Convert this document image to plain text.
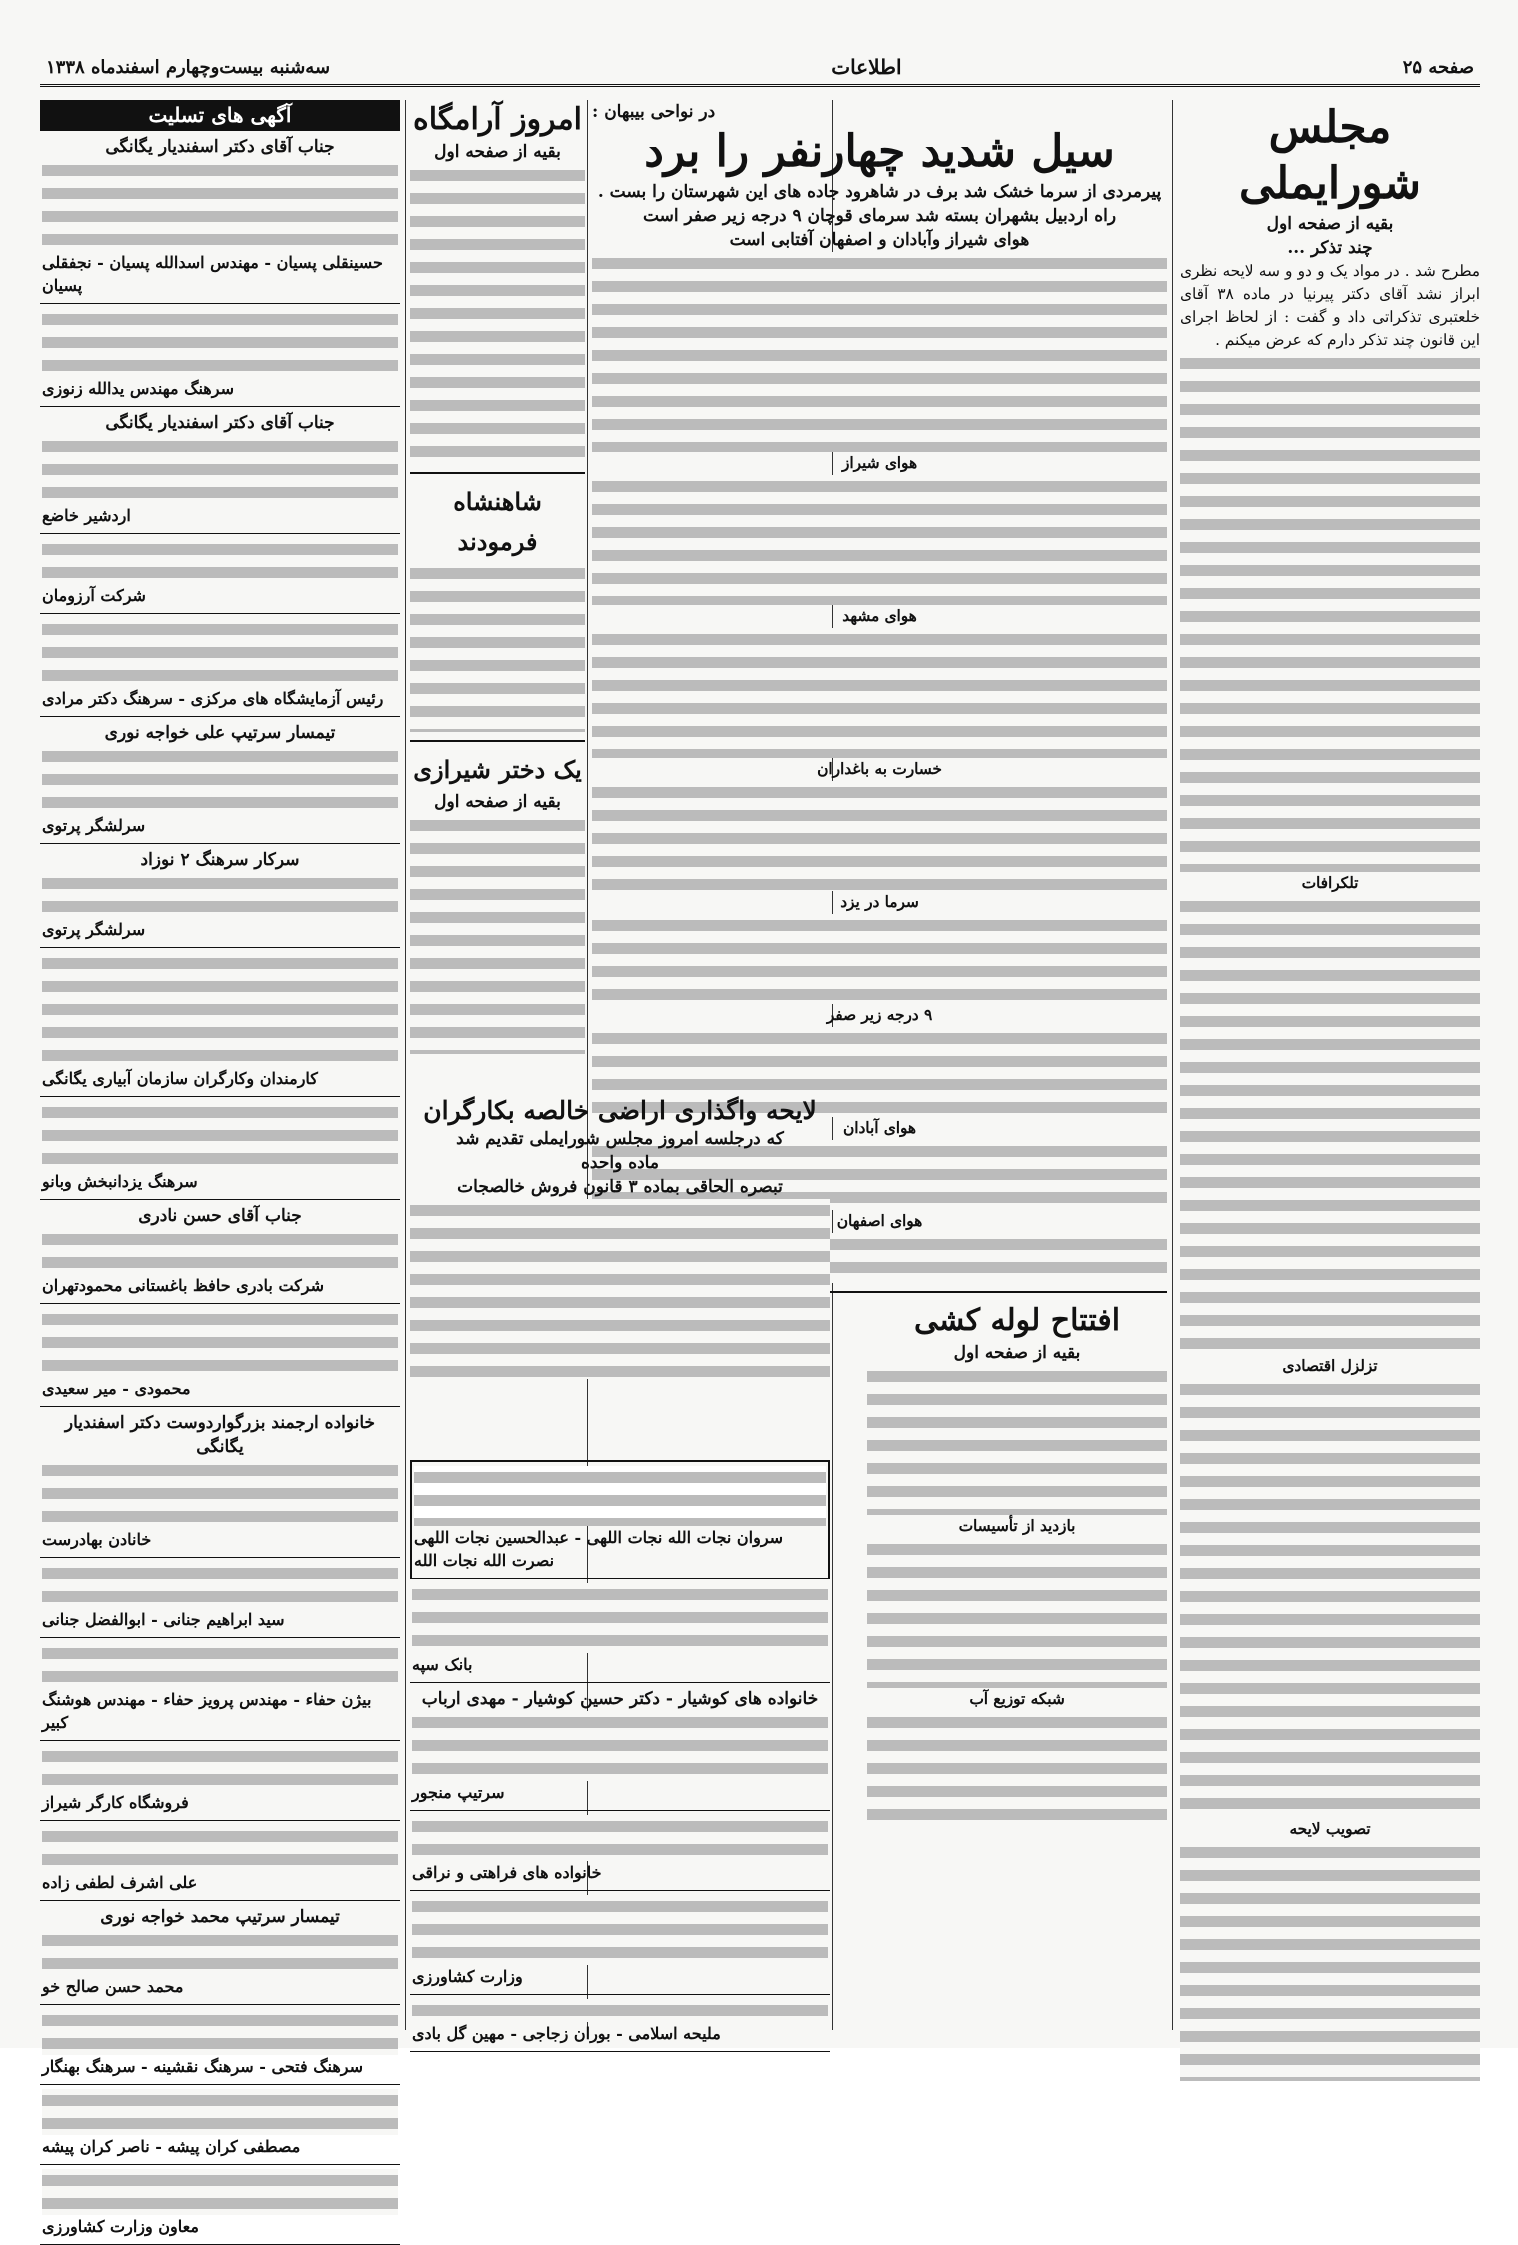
صفحه ۲۵
اطلاعات
سه‌شنبه بیست‌وچهارم اسفندماه ۱۳۳۸
مجلس شورایملی
بقیه از صفحه اول
چند تذکر ...
مطرح شد . در مواد یک و دو و سه لایحه نظری ابراز نشد آقای دکتر پیرنیا در ماده ۳۸ آقای خلعتبری تذکراتی داد و گفت : از لحاظ اجرای این قانون چند تذکر دارم که عرض میکنم .
تلکرافات
تزلزل اقتصادی
تصویب لایحه
در نواحی بیبهان :
سیل شدید چهارنفر را برد
پیرمردی از سرما خشک شد برف در شاهرود جاده های این شهرستان را بست . راه اردبیل بشهران بسته شد سرمای قوچان ۹ درجه زیر صفر است
هوای شیراز وآبادان و اصفهان آفتابی است
هوای شیراز
هوای مشهد
خسارت به باغداران
سرما در یزد
۹ درجه زیر صفر
هوای آبادان
هوای اصفهان
افتتاح لوله کشی
بقیه از صفحه اول
بازدید از تأسیسات
شبکه توزیع آب
امروز آرامگاه
بقیه از صفحه اول
شاهنشاه فرمودند
یک دختر شیرازی
بقیه از صفحه اول
لایحه واگذاری اراضی خالصه بکارگران
که درجلسه امروز مجلس شورایملی تقدیم شد
ماده واحده
تبصره الحاقی بماده ۳ قانون فروش خالصجات
سروان نجات الله نجات اللهی - عبدالحسین نجات اللهی
نصرت الله نجات الله
بانک سپه
خانواده های کوشیار - دکتر حسین کوشیار - مهدی ارباب
سرتیپ منجور
خانواده های فراهتی و نراقی
وزارت کشاورزی
ملیحه اسلامی - بوران زجاجی - مهین گل بادی
آگهی های تسلیت
جناب آقای دکتر اسفندیار یگانگی
حسینقلی پسیان - مهندس اسدالله پسیان - نجفقلی پسیان
سرهنگ مهندس یدالله زنوزی
جناب آقای دکتر اسفندیار یگانگی
اردشیر خاضع
شرکت آرزومان
رئیس آزمایشگاه های مرکزی - سرهنگ دکتر مرادی
تیمسار سرتیپ علی خواجه نوری
سرلشگر پرتوی
سرکار سرهنگ ۲ نوزاد
سرلشگر پرتوی
کارمندان وکارگران سازمان آبیاری یگانگی
سرهنگ یزدانبخش وبانو
جناب آقای حسن نادری
شرکت بادری حافظ باغستانی محمودتهران
محمودی - میر سعیدی
خانواده ارجمند بزرگواردوست دکتر اسفندیار یگانگی
خانادن بهادرست
سید ابراهیم جنانی - ابوالفضل جنانی
بیژن حفاء - مهندس پرویز حفاء - مهندس هوشنگ کبیر
فروشگاه کارگر شیراز
علی اشرف لطفی زاده
تیمسار سرتیپ محمد خواجه نوری
محمد حسن صالح خو
سرهنگ فتحی - سرهنگ نقشینه - سرهنگ بهنگار
مصطفی کران پیشه - ناصر کران پیشه
معاون وزارت کشاورزی
